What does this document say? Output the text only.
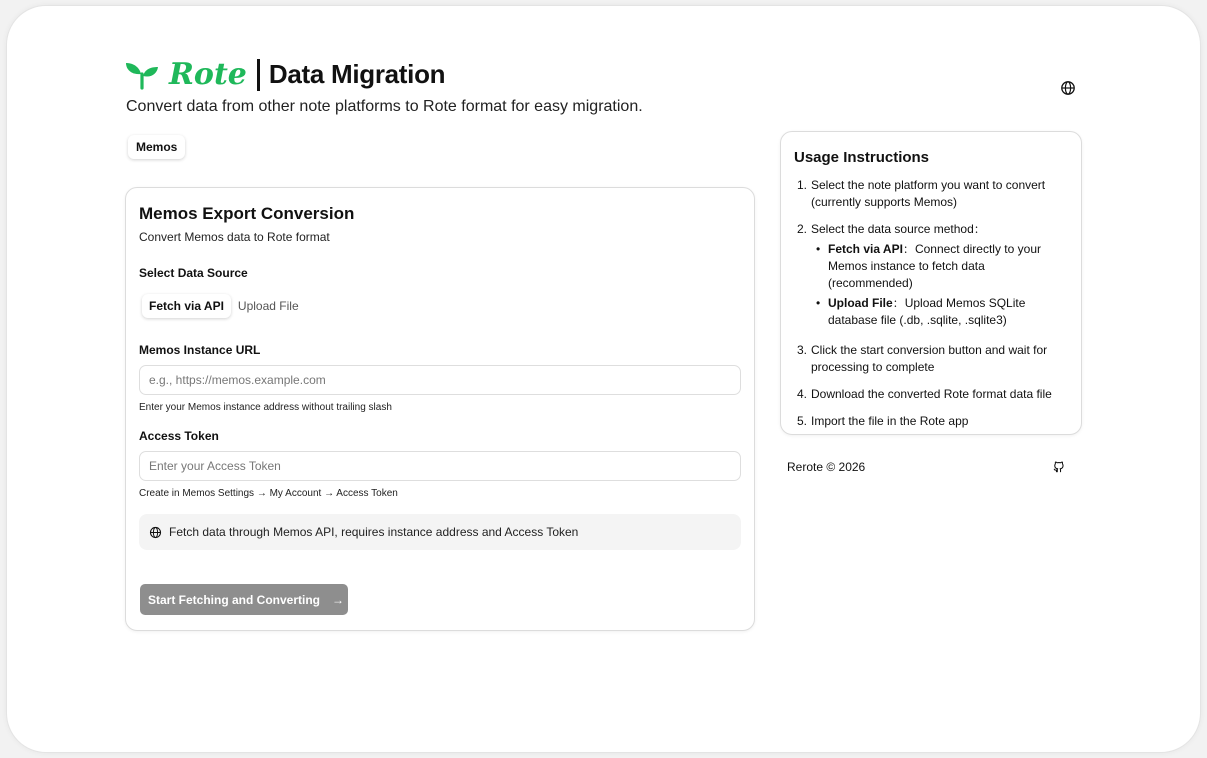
Rote Data Migration
Convert data from other note platforms to Rote format for easy migration.
Memos
Memos Export Conversion
Convert Memos data to Rote format
Select Data Source
Fetch via API	Upload File
Memos Instance URL
e.g., https://memos.example.com
Enter your Memos instance address without trailing slash
Access Token
Enter your Access Token
Create in Memos Settings → My Account → Access Token
Fetch data through Memos API, requires instance address and Access Token
Start Fetching and Converting →
Usage Instructions
1. Select the note platform you want to convert (currently supports Memos)
2. Select the data source method：
• Fetch via API：Connect directly to your Memos instance to fetch data (recommended)
• Upload File：Upload Memos SQLite database file (.db, .sqlite, .sqlite3)
3. Click the start conversion button and wait for processing to complete
4. Download the converted Rote format data file
5. Import the file in the Rote app
Rerote © 2026
